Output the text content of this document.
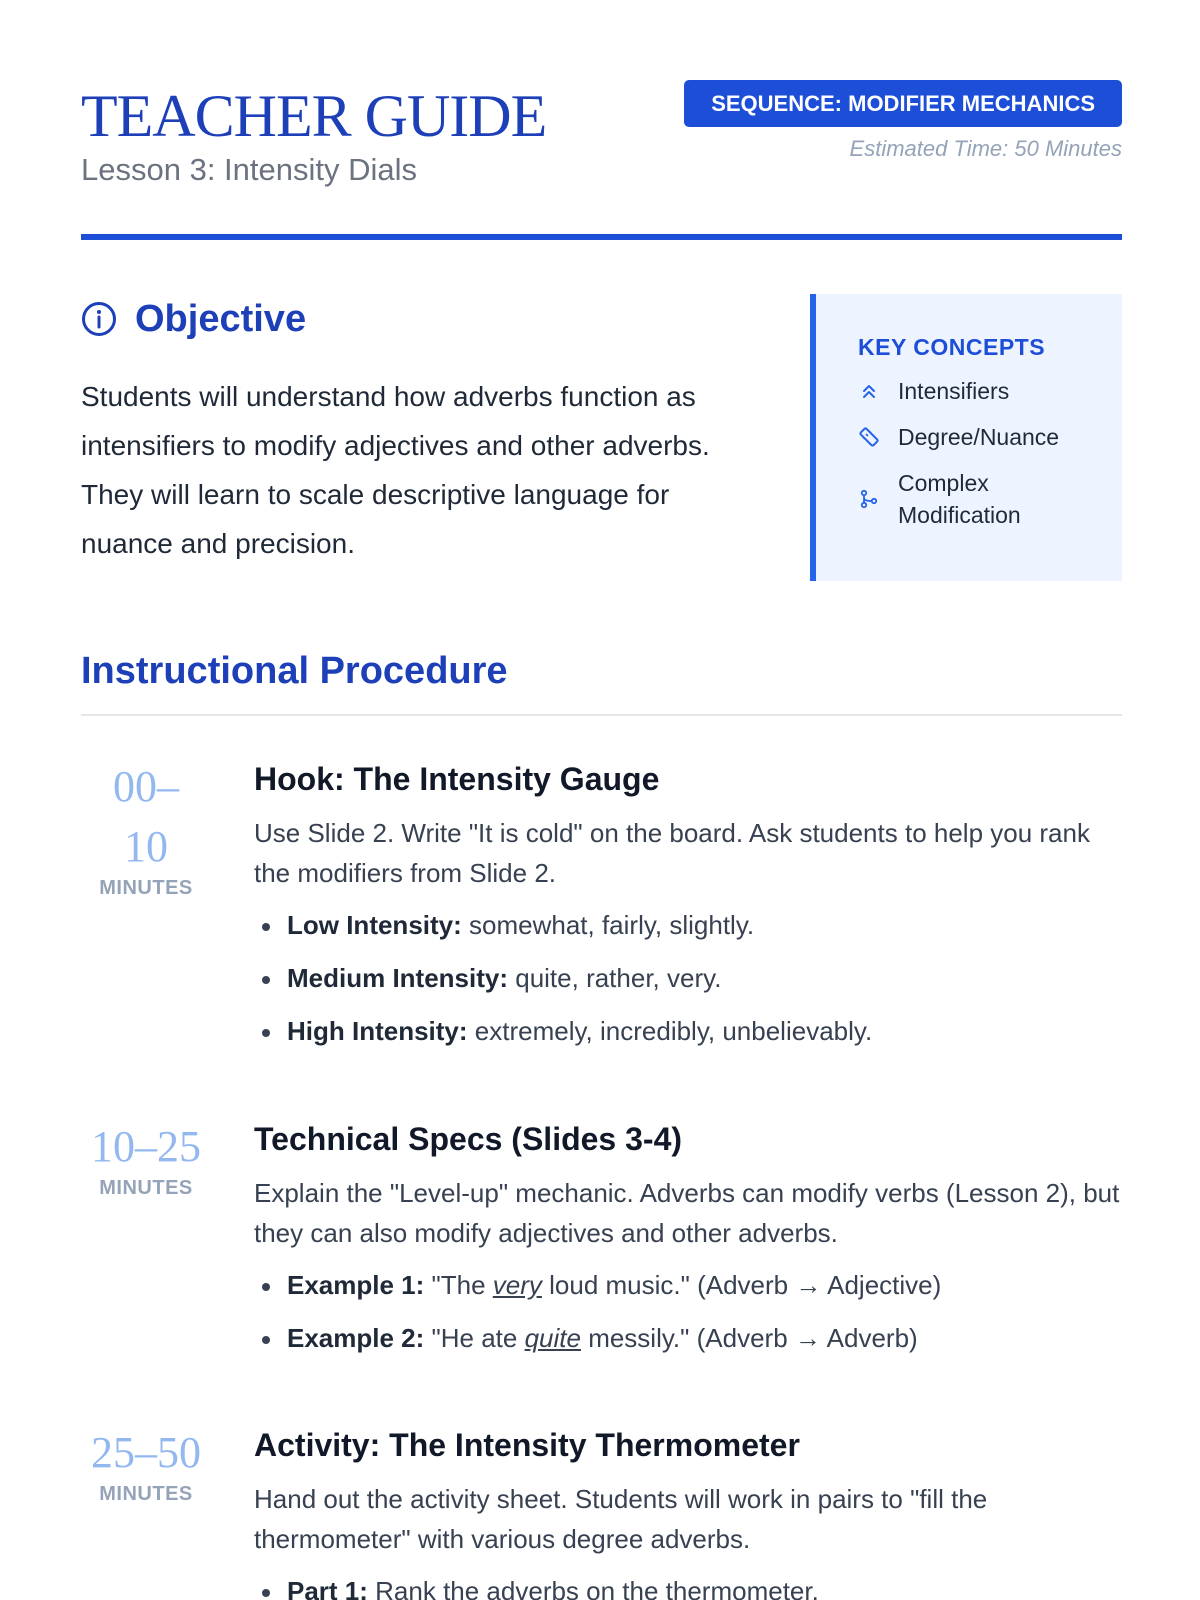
TEACHER GUIDE
Lesson 3: Intensity Dials
SEQUENCE: MODIFIER MECHANICS
Estimated Time: 50 Minutes
Objective

Students will understand how adverbs function as intensifiers to modify adjectives and other adverbs. They will learn to scale descriptive language for nuance and precision.

KEY CONCEPTS
Intensifiers
Degree/Nuance
Complex Modification
Instructional Procedure
00–10
MINUTES
Hook: The Intensity Gauge

Use Slide 2. Write "It is cold" on the board. Ask students to help you rank the modifiers from Slide 2.

Low Intensity: somewhat, fairly, slightly.
Medium Intensity: quite, rather, very.
High Intensity: extremely, incredibly, unbelievably.
10–25
MINUTES
Technical Specs (Slides 3-4)

Explain the "Level-up" mechanic. Adverbs can modify verbs (Lesson 2), but they can also modify adjectives and other adverbs.

Example 1: "The very loud music." (Adverb → Adjective)
Example 2: "He ate quite messily." (Adverb → Adverb)
25–50
MINUTES
Activity: The Intensity Thermometer

Hand out the activity sheet. Students will work in pairs to "fill the thermometer" with various degree adverbs.

Part 1: Rank the adverbs on the thermometer.
